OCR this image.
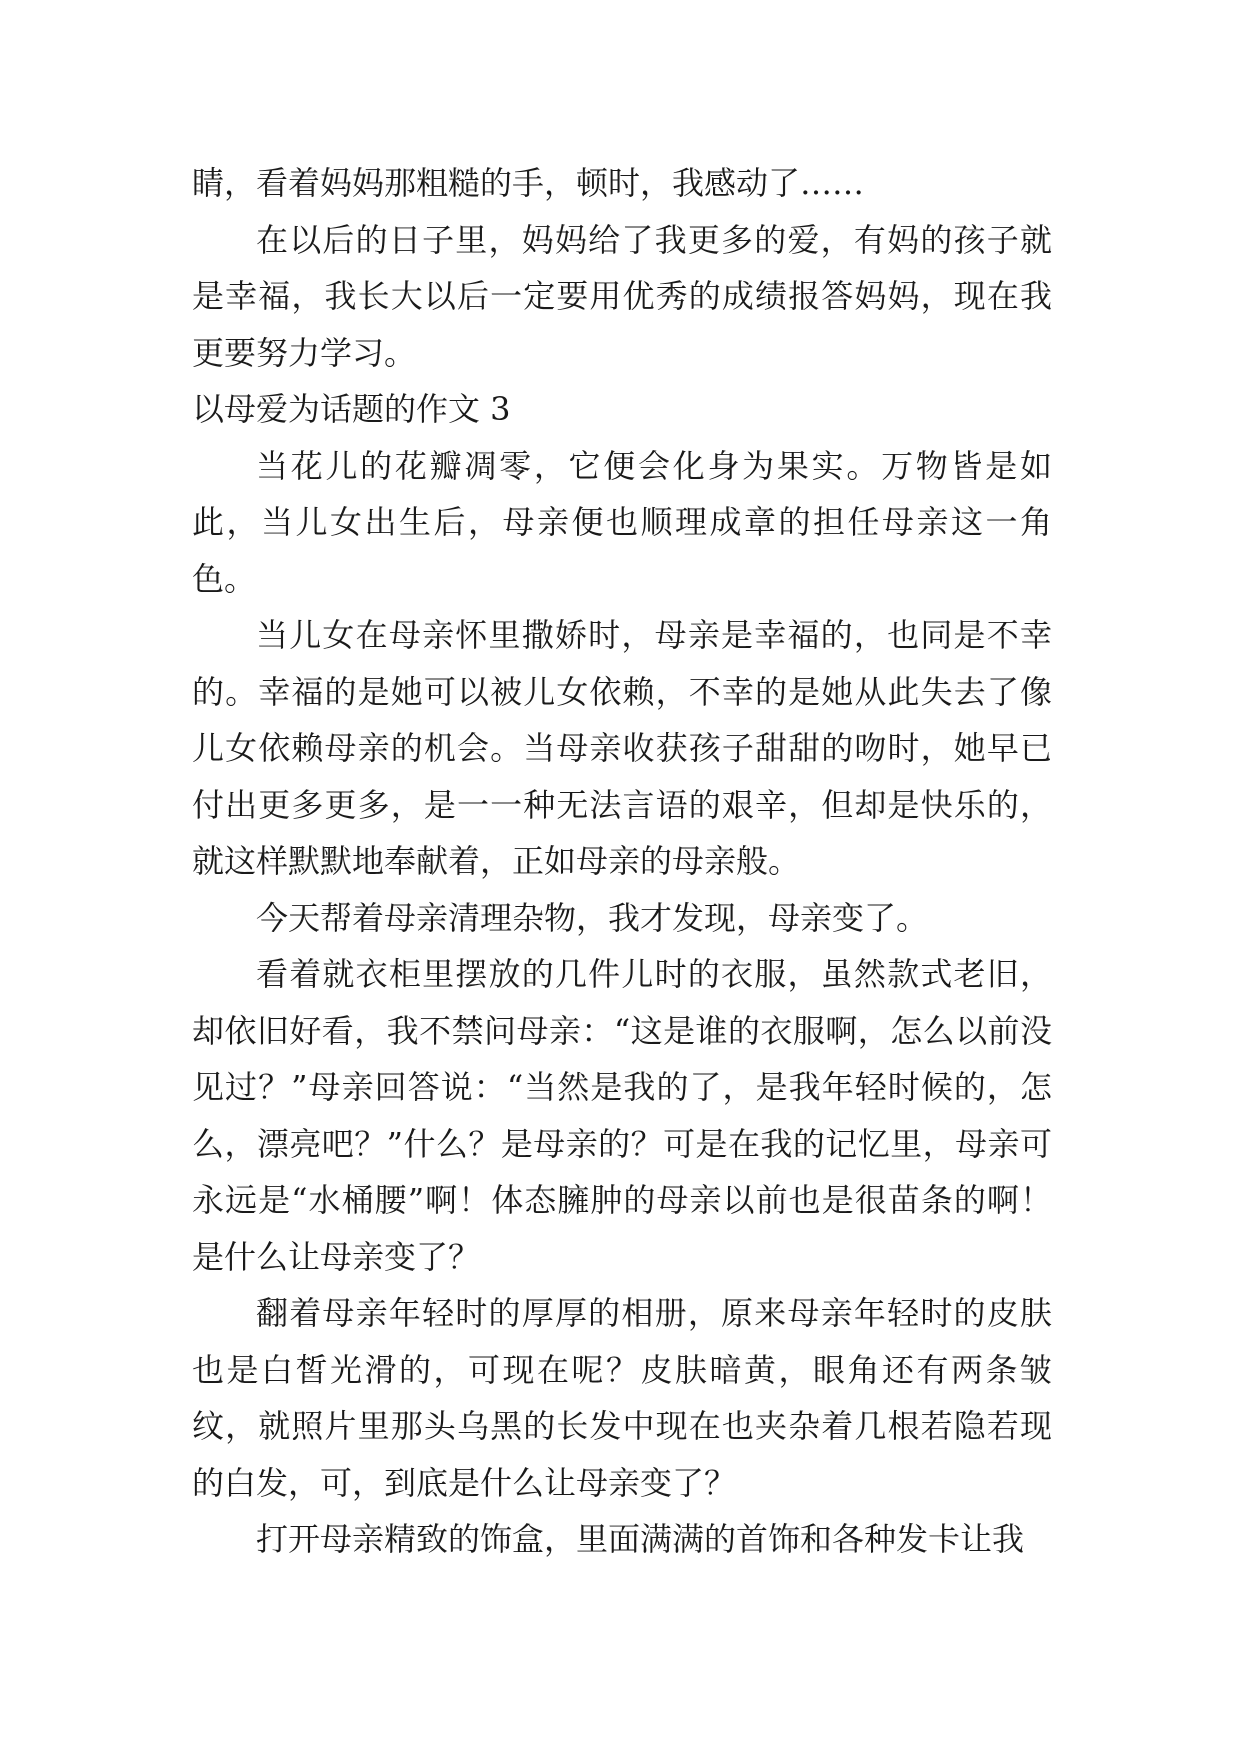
睛，看着妈妈那粗糙的手，顿时，我感动了……

在以后的日子里，妈妈给了我更多的爱，有妈的孩子就是幸福，我长大以后一定要用优秀的成绩报答妈妈，现在我更要努力学习。

以母爱为话题的作文 3

当花儿的花瓣凋零，它便会化身为果实。万物皆是如此，当儿女出生后，母亲便也顺理成章的担任母亲这一角色。

当儿女在母亲怀里撒娇时，母亲是幸福的，也同是不幸的。幸福的是她可以被儿女依赖，不幸的是她从此失去了像儿女依赖母亲的机会。当母亲收获孩子甜甜的吻时，她早已付出更多更多，是一一种无法言语的艰辛，但却是快乐的，就这样默默地奉献着，正如母亲的母亲般。

今天帮着母亲清理杂物，我才发现，母亲变了。

看着就衣柜里摆放的几件儿时的衣服，虽然款式老旧，却依旧好看，我不禁问母亲：“这是谁的衣服啊，怎么以前没见过？”母亲回答说：“当然是我的了，是我年轻时候的，怎么，漂亮吧？”什么？是母亲的？可是在我的记忆里，母亲可永远是“水桶腰”啊！体态臃肿的母亲以前也是很苗条的啊！是什么让母亲变了？

翻着母亲年轻时的厚厚的相册，原来母亲年轻时的皮肤也是白皙光滑的，可现在呢？皮肤暗黄，眼角还有两条皱纹，就照片里那头乌黑的长发中现在也夹杂着几根若隐若现的白发，可，到底是什么让母亲变了？

打开母亲精致的饰盒，里面满满的首饰和各种发卡让我
